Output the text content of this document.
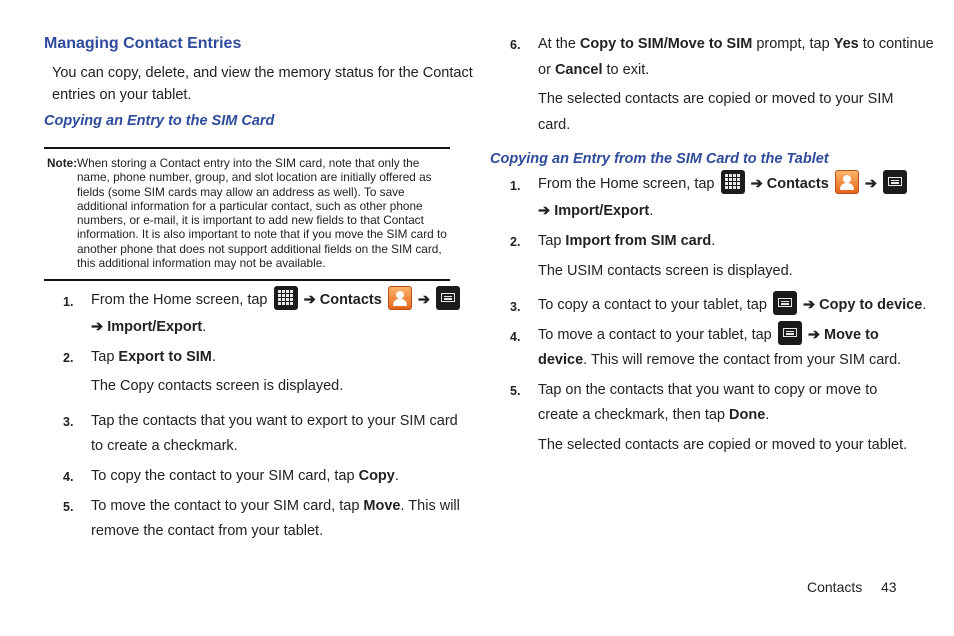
Managing Contact Entries
You can copy, delete, and view the memory status for the Contact
entries on your tablet.
Copying an Entry to the SIM Card
Note: When storing a Contact entry into the SIM card, note that only the
name, phone number, group, and slot location are initially offered as
fields (some SIM cards may allow an address as well). To save
additional information for a particular contact, such as other phone
numbers, or e-mail, it is important to add new fields to that Contact
information. It is also important to note that if you move the SIM card to
another phone that does not support additional fields on the SIM card,
this additional information may not be available.
1. From the Home screen, tap ➔ Contacts ➔
➔ Import/Export.
2. Tap Export to SIM.
The Copy contacts screen is displayed.
3. Tap the contacts that you want to export to your SIM card
to create a checkmark.
4. To copy the contact to your SIM card, tap Copy.
5. To move the contact to your SIM card, tap Move. This will
remove the contact from your tablet.
6. At the Copy to SIM/Move to SIM prompt, tap Yes to continue
or Cancel to exit.
The selected contacts are copied or moved to your SIM
card.
Copying an Entry from the SIM Card to the Tablet
1. From the Home screen, tap ➔ Contacts ➔
➔ Import/Export.
2. Tap Import from SIM card.
The USIM contacts screen is displayed.
3. To copy a contact to your tablet, tap ➔ Copy to device.
4. To move a contact to your tablet, tap ➔ Move to
device. This will remove the contact from your SIM card.
5. Tap on the contacts that you want to copy or move to
create a checkmark, then tap Done.
The selected contacts are copied or moved to your tablet.
Contacts 43
